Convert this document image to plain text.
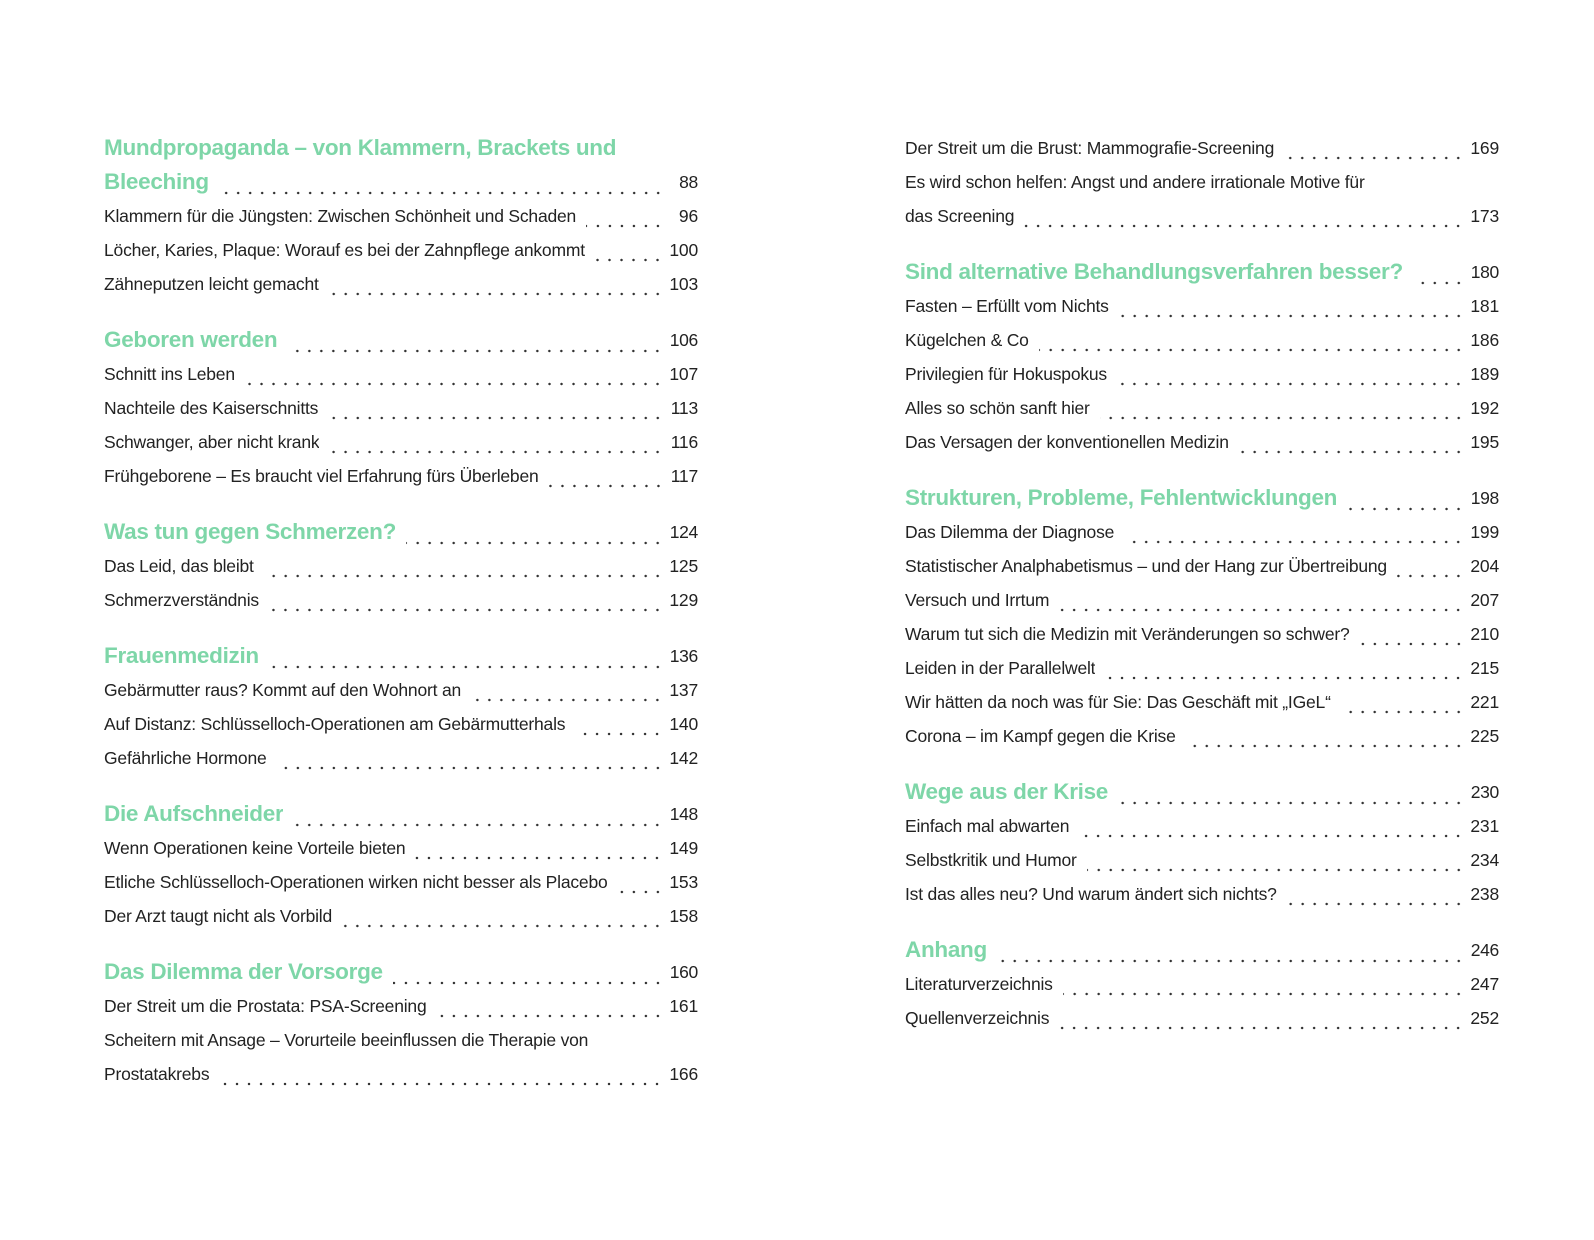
Mundpropaganda – von Klammern, Brackets und
Bleeching	88
Klammern für die Jüngsten: Zwischen Schönheit und Schaden	96
Löcher, Karies, Plaque: Worauf es bei der Zahnpflege ankommt	100
Zähneputzen leicht gemacht	103
Geboren werden	106
Schnitt ins Leben	107
Nachteile des Kaiserschnitts	113
Schwanger, aber nicht krank	116
Frühgeborene – Es braucht viel Erfahrung fürs Überleben	117
Was tun gegen Schmerzen?	124
Das Leid, das bleibt	125
Schmerzverständnis	129
Frauenmedizin	136
Gebärmutter raus? Kommt auf den Wohnort an	137
Auf Distanz: Schlüsselloch-Operationen am Gebärmutterhals	140
Gefährliche Hormone	142
Die Aufschneider	148
Wenn Operationen keine Vorteile bieten	149
Etliche Schlüsselloch-Operationen wirken nicht besser als Placebo	153
Der Arzt taugt nicht als Vorbild	158
Das Dilemma der Vorsorge	160
Der Streit um die Prostata: PSA-Screening	161
Scheitern mit Ansage – Vorurteile beeinflussen die Therapie von
Prostatakrebs	166
Der Streit um die Brust: Mammografie-Screening	169
Es wird schon helfen: Angst und andere irrationale Motive für
das Screening	173
Sind alternative Behandlungsverfahren besser?	180
Fasten – Erfüllt vom Nichts	181
Kügelchen & Co	186
Privilegien für Hokuspokus	189
Alles so schön sanft hier	192
Das Versagen der konventionellen Medizin	195
Strukturen, Probleme, Fehlentwicklungen	198
Das Dilemma der Diagnose	199
Statistischer Analphabetismus – und der Hang zur Übertreibung	204
Versuch und Irrtum	207
Warum tut sich die Medizin mit Veränderungen so schwer?	210
Leiden in der Parallelwelt	215
Wir hätten da noch was für Sie: Das Geschäft mit „IGeL“	221
Corona – im Kampf gegen die Krise	225
Wege aus der Krise	230
Einfach mal abwarten	231
Selbstkritik und Humor	234
Ist das alles neu? Und warum ändert sich nichts?	238
Anhang	246
Literaturverzeichnis	247
Quellenverzeichnis	252
